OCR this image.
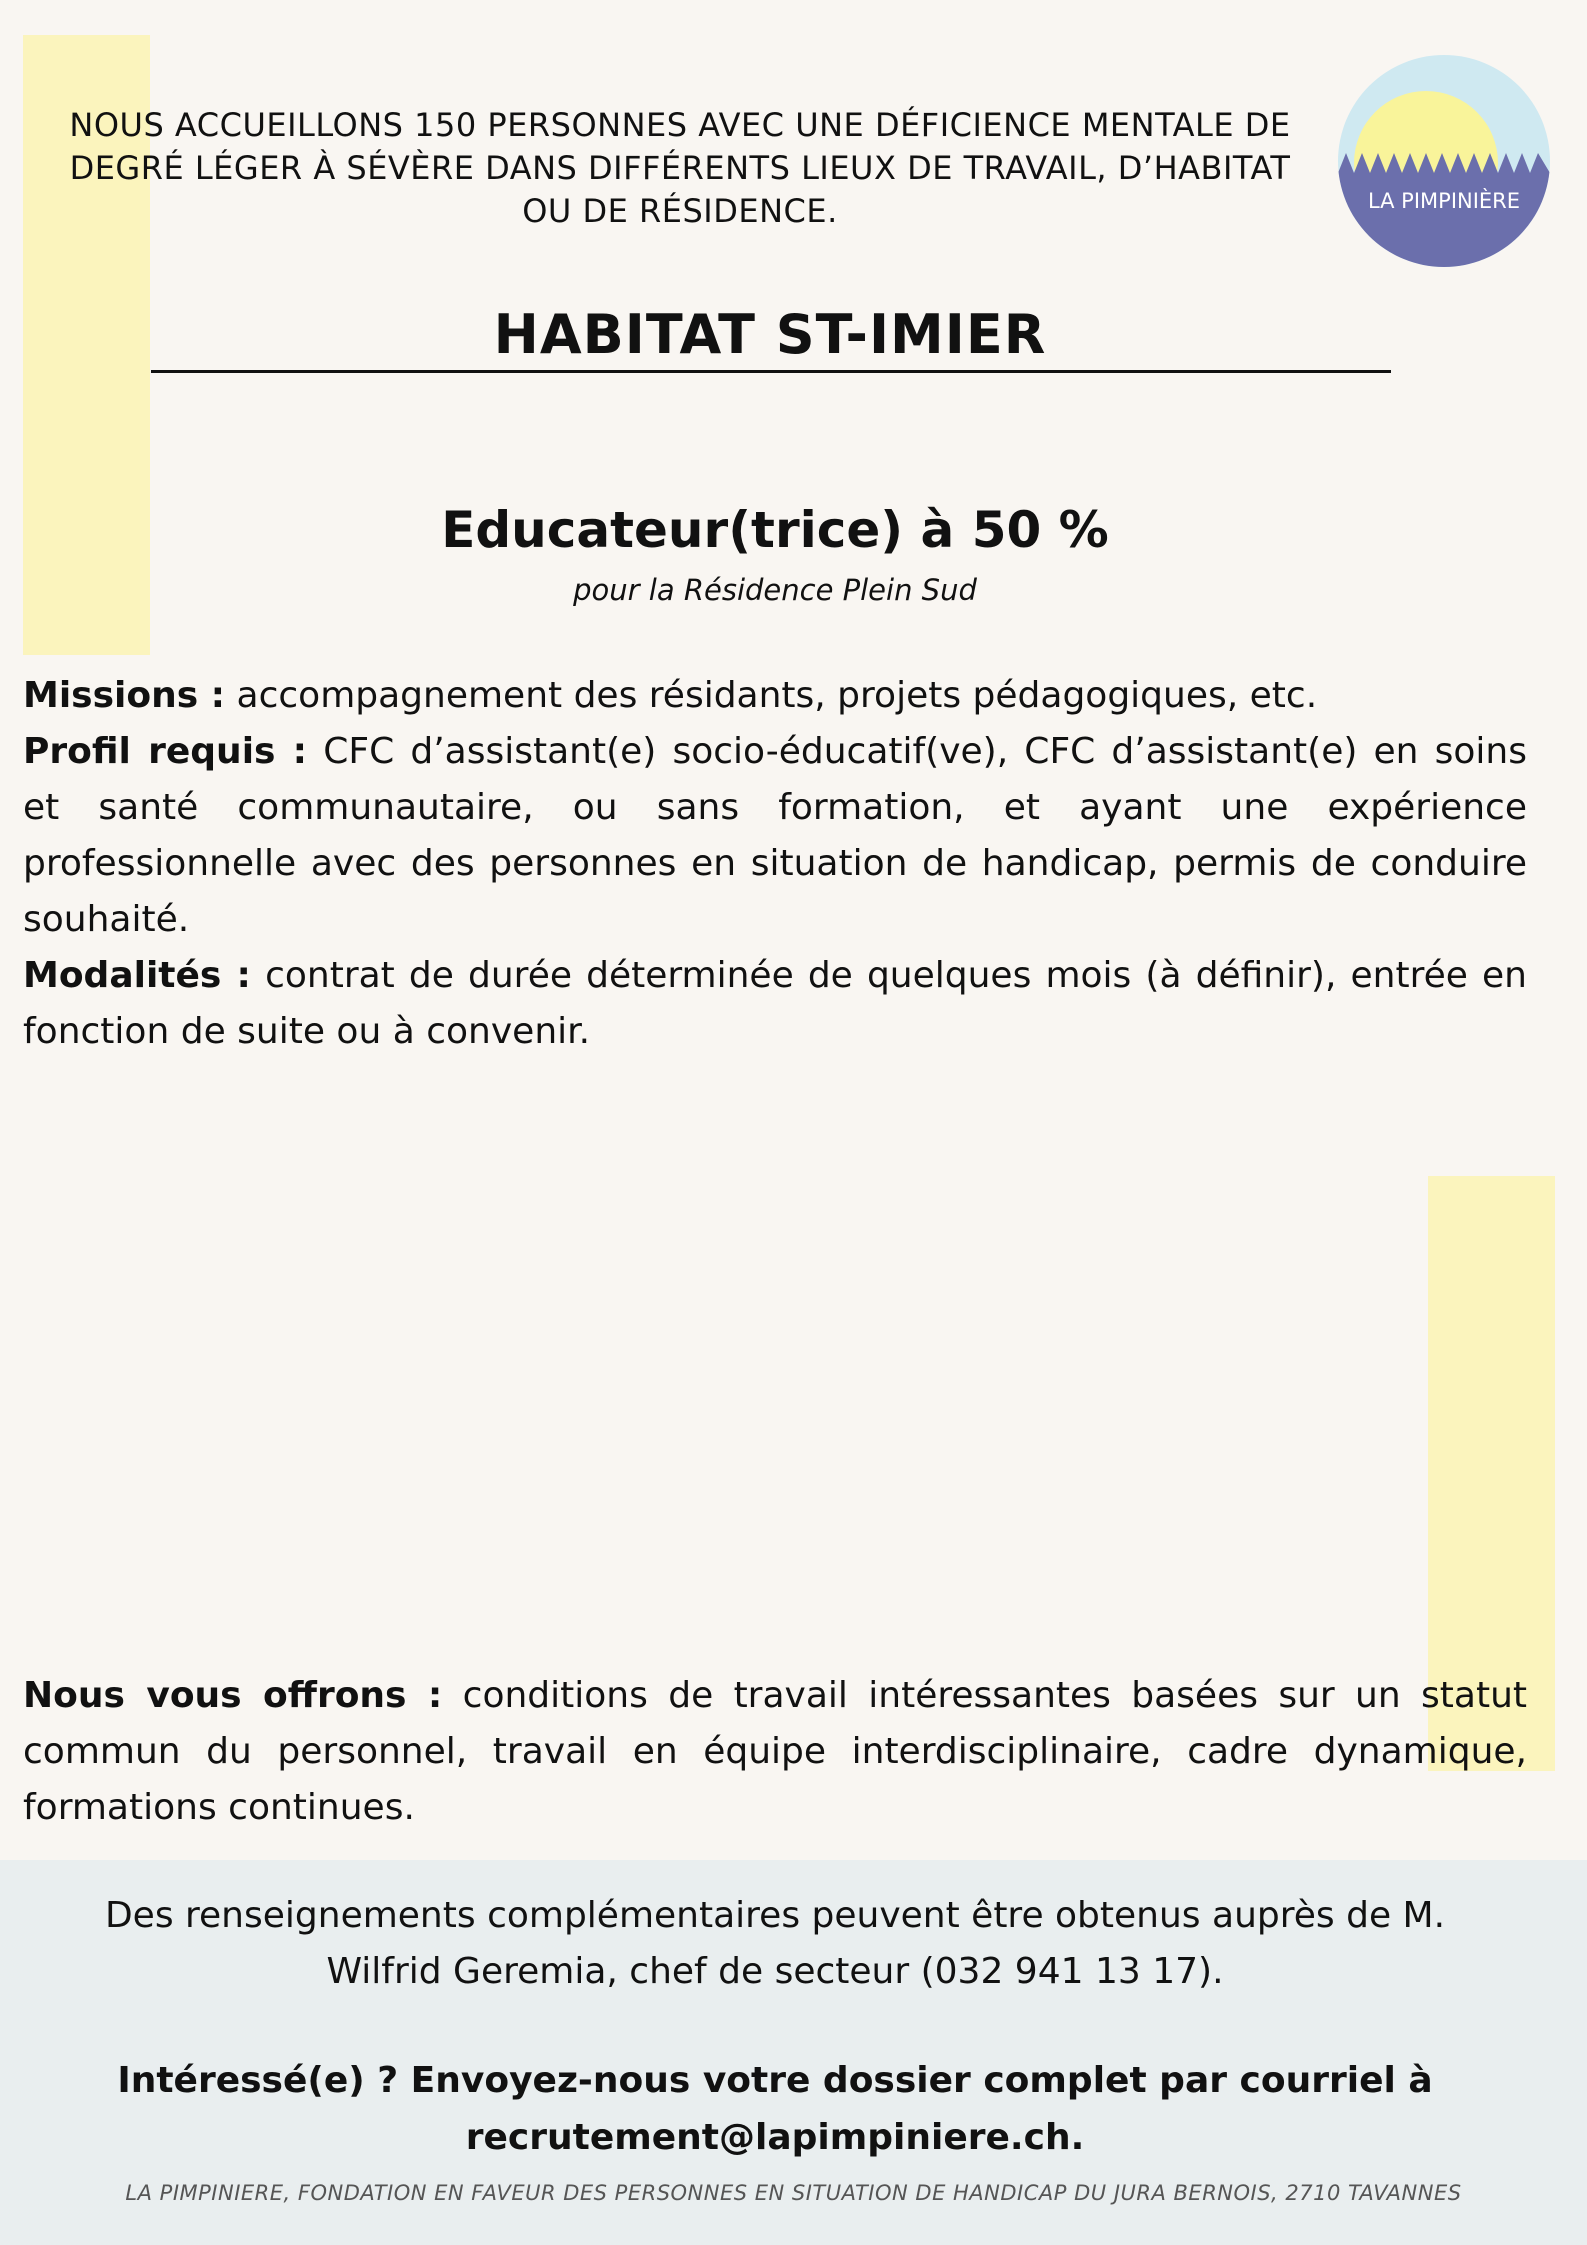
NOUS ACCUEILLONS 150 PERSONNES AVEC UNE DÉFICIENCE MENTALE DE DEGRÉ LÉGER À SÉVÈRE DANS DIFFÉRENTS LIEUX DE TRAVAIL, D’HABITAT OU DE RÉSIDENCE.	LA PIMPINIÈRE
HABITAT ST-IMIER
Educateur(trice) à 50 %
pour la Résidence Plein Sud

Missions : accompagnement des résidants, projets pédagogiques, etc.

Profil requis : CFC d’assistant(e) socio-éducatif(ve), CFC d’assistant(e) en soins et santé communautaire, ou sans formation, et ayant une expérience professionnelle avec des personnes en situation de handicap, permis de conduire souhaité.

Modalités : contrat de durée déterminée de quelques mois (à définir), entrée en fonction de suite ou à convenir.

Nous vous offrons : conditions de travail intéressantes basées sur un statut commun du personnel, travail en équipe interdisciplinaire, cadre dynamique, formations continues.

Des renseignements complémentaires peuvent être obtenus auprès de M.
Wilfrid Geremia, chef de secteur (032 941 13 17).
Intéressé(e) ? Envoyez-nous votre dossier complet par courriel à
recrutement@lapimpiniere.ch.
LA PIMPINIERE, FONDATION EN FAVEUR DES PERSONNES EN SITUATION DE HANDICAP DU JURA BERNOIS, 2710 TAVANNES
